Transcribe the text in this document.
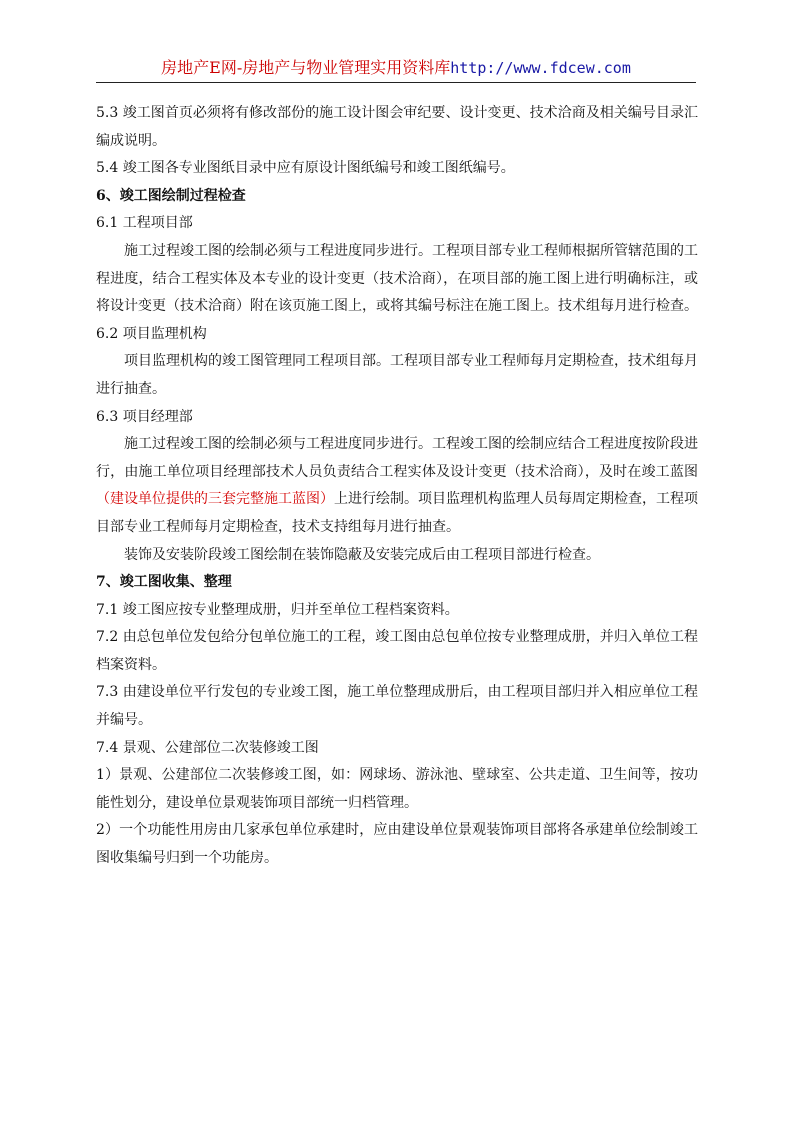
房地产E网-房地产与物业管理实用资料库http://www.fdcew.com

5.3 竣工图首页必须将有修改部份的施工设计图会审纪要、设计变更、技术洽商及相关编号目录汇编成说明。

5.4 竣工图各专业图纸目录中应有原设计图纸编号和竣工图纸编号。

6、竣工图绘制过程检查

6.1 工程项目部

施工过程竣工图的绘制必须与工程进度同步进行。工程项目部专业工程师根据所管辖范围的工程进度，结合工程实体及本专业的设计变更（技术洽商），在项目部的施工图上进行明确标注，或将设计变更（技术洽商）附在该页施工图上，或将其编号标注在施工图上。技术组每月进行检查。

6.2 项目监理机构

项目监理机构的竣工图管理同工程项目部。工程项目部专业工程师每月定期检查，技术组每月进行抽查。

6.3 项目经理部

施工过程竣工图的绘制必须与工程进度同步进行。工程竣工图的绘制应结合工程进度按阶段进行，由施工单位项目经理部技术人员负责结合工程实体及设计变更（技术洽商），及时在竣工蓝图（建设单位提供的三套完整施工蓝图）上进行绘制。项目监理机构监理人员每周定期检查，工程项目部专业工程师每月定期检查，技术支持组每月进行抽查。

装饰及安装阶段竣工图绘制在装饰隐蔽及安装完成后由工程项目部进行检查。

7、竣工图收集、整理

7.1 竣工图应按专业整理成册，归并至单位工程档案资料。

7.2 由总包单位发包给分包单位施工的工程，竣工图由总包单位按专业整理成册，并归入单位工程档案资料。

7.3 由建设单位平行发包的专业竣工图，施工单位整理成册后，由工程项目部归并入相应单位工程并编号。

7.4 景观、公建部位二次装修竣工图

1）景观、公建部位二次装修竣工图，如：网球场、游泳池、壁球室、公共走道、卫生间等，按功能性划分，建设单位景观装饰项目部统一归档管理。

2）一个功能性用房由几家承包单位承建时，应由建设单位景观装饰项目部将各承建单位绘制竣工图收集编号归到一个功能房。
